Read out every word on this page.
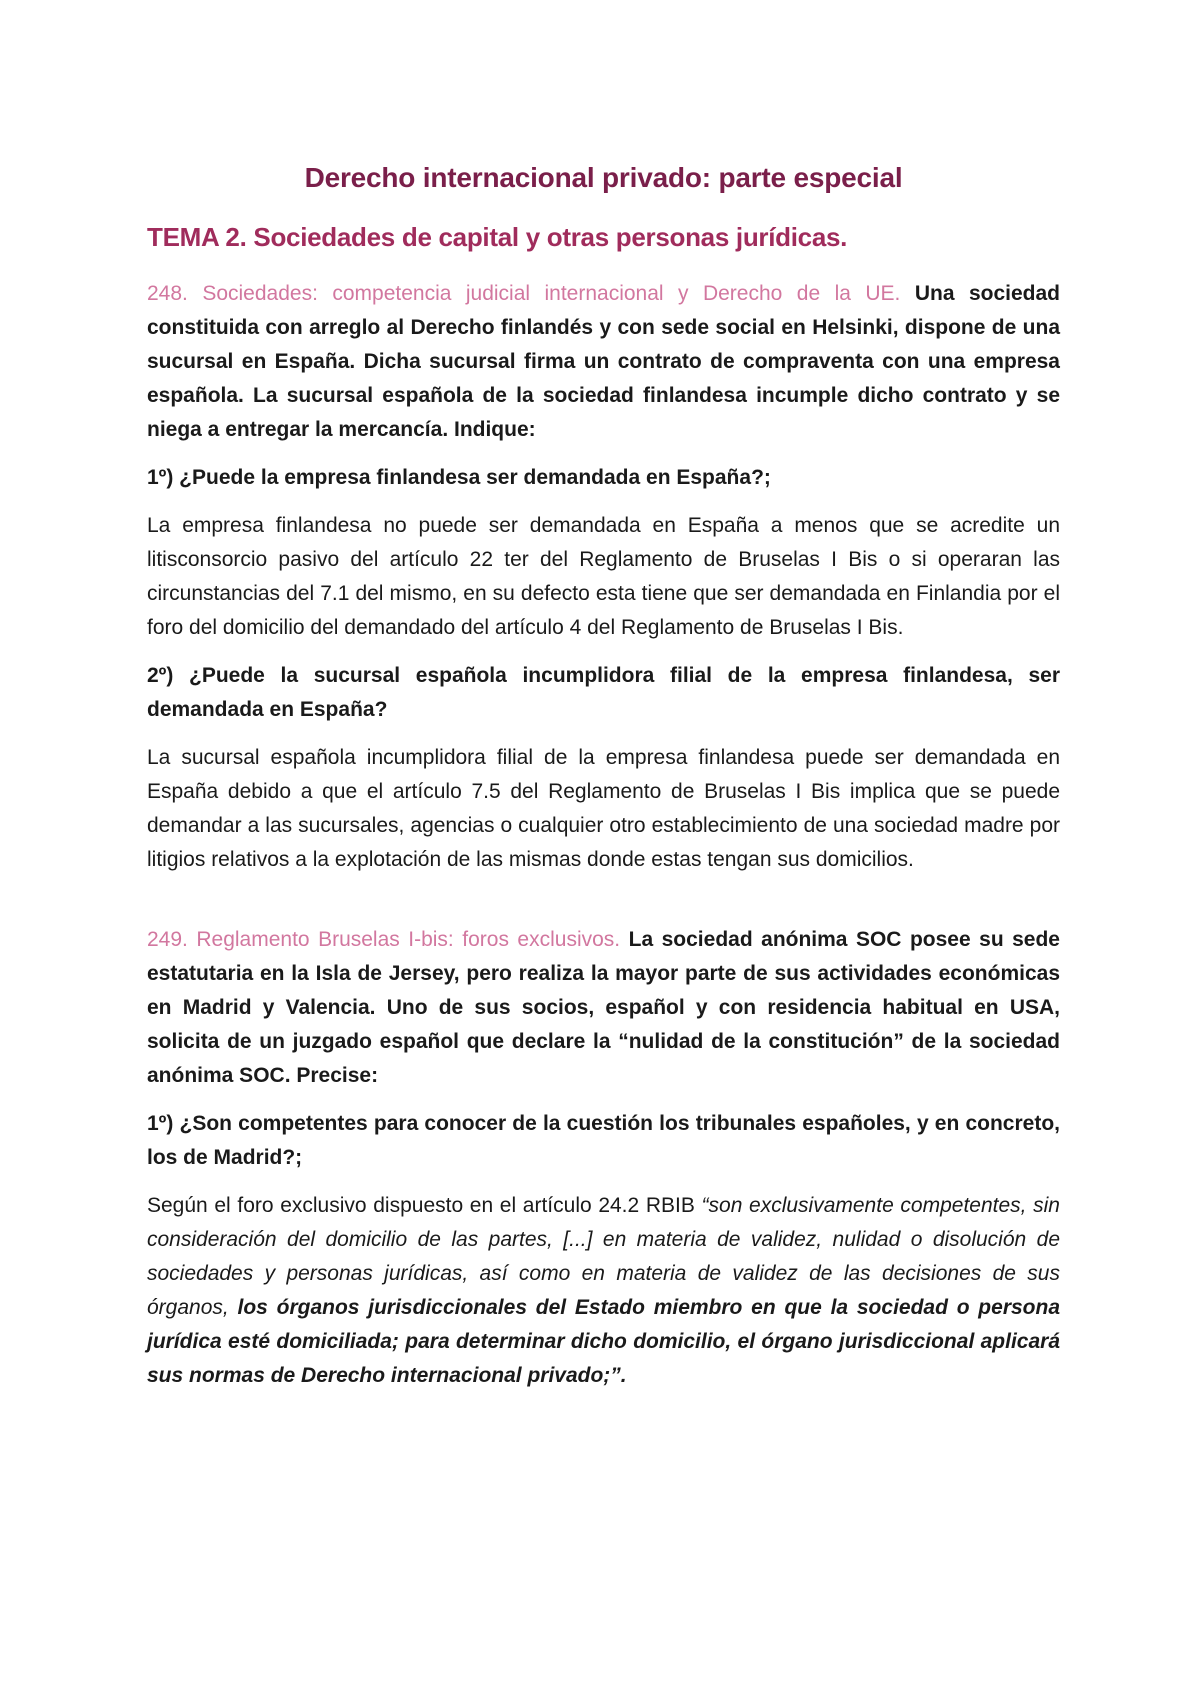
Derecho internacional privado: parte especial
TEMA 2. Sociedades de capital y otras personas jurídicas.

248. Sociedades: competencia judicial internacional y Derecho de la UE. Una sociedad constituida con arreglo al Derecho finlandés y con sede social en Helsinki, dispone de una sucursal en España. Dicha sucursal firma un contrato de compraventa con una empresa española. La sucursal española de la sociedad finlandesa incumple dicho contrato y se niega a entregar la mercancía. Indique:

1º) ¿Puede la empresa finlandesa ser demandada en España?;

La empresa finlandesa no puede ser demandada en España a menos que se acredite un litisconsorcio pasivo del artículo 22 ter del Reglamento de Bruselas I Bis o si operaran las circunstancias del 7.1 del mismo, en su defecto esta tiene que ser demandada en Finlandia por el foro del domicilio del demandado del artículo 4 del Reglamento de Bruselas I Bis.

2º) ¿Puede la sucursal española incumplidora filial de la empresa finlandesa, ser demandada en España?

La sucursal española incumplidora filial de la empresa finlandesa puede ser demandada en España debido a que el artículo 7.5 del Reglamento de Bruselas I Bis implica que se puede demandar a las sucursales, agencias o cualquier otro establecimiento de una sociedad madre por litigios relativos a la explotación de las mismas donde estas tengan sus domicilios.

249. Reglamento Bruselas I-bis: foros exclusivos. La sociedad anónima SOC posee su sede estatutaria en la Isla de Jersey, pero realiza la mayor parte de sus actividades económicas en Madrid y Valencia. Uno de sus socios, español y con residencia habitual en USA, solicita de un juzgado español que declare la “nulidad de la constitución” de la sociedad anónima SOC. Precise:

1º) ¿Son competentes para conocer de la cuestión los tribunales españoles, y en concreto, los de Madrid?;

Según el foro exclusivo dispuesto en el artículo 24.2 RBIB “son exclusivamente competentes, sin consideración del domicilio de las partes, [...] en materia de validez, nulidad o disolución de sociedades y personas jurídicas, así como en materia de validez de las decisiones de sus órganos, los órganos jurisdiccionales del Estado miembro en que la sociedad o persona jurídica esté domiciliada; para determinar dicho domicilio, el órgano jurisdiccional aplicará sus normas de Derecho internacional privado;”.
